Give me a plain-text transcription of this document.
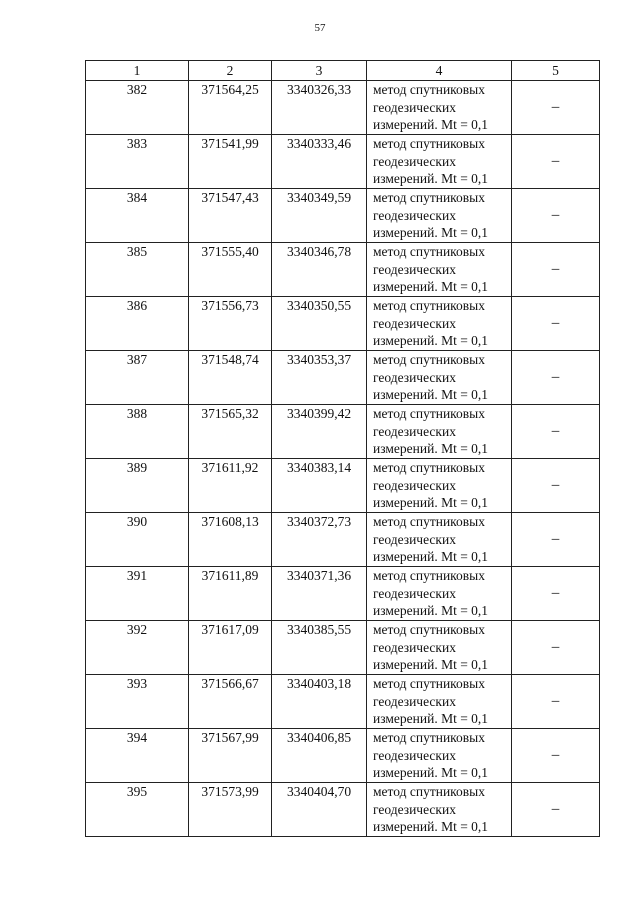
57
1	2	3	4	5
382	371564,25	3340326,33	метод спутниковых
геодезических
измерений. Mt = 0,1	–
383	371541,99	3340333,46	метод спутниковых
геодезических
измерений. Mt = 0,1	–
384	371547,43	3340349,59	метод спутниковых
геодезических
измерений. Mt = 0,1	–
385	371555,40	3340346,78	метод спутниковых
геодезических
измерений. Mt = 0,1	–
386	371556,73	3340350,55	метод спутниковых
геодезических
измерений. Mt = 0,1	–
387	371548,74	3340353,37	метод спутниковых
геодезических
измерений. Mt = 0,1	–
388	371565,32	3340399,42	метод спутниковых
геодезических
измерений. Mt = 0,1	–
389	371611,92	3340383,14	метод спутниковых
геодезических
измерений. Mt = 0,1	–
390	371608,13	3340372,73	метод спутниковых
геодезических
измерений. Mt = 0,1	–
391	371611,89	3340371,36	метод спутниковых
геодезических
измерений. Mt = 0,1	–
392	371617,09	3340385,55	метод спутниковых
геодезических
измерений. Mt = 0,1	–
393	371566,67	3340403,18	метод спутниковых
геодезических
измерений. Mt = 0,1	–
394	371567,99	3340406,85	метод спутниковых
геодезических
измерений. Mt = 0,1	–
395	371573,99	3340404,70	метод спутниковых
геодезических
измерений. Mt = 0,1	–
